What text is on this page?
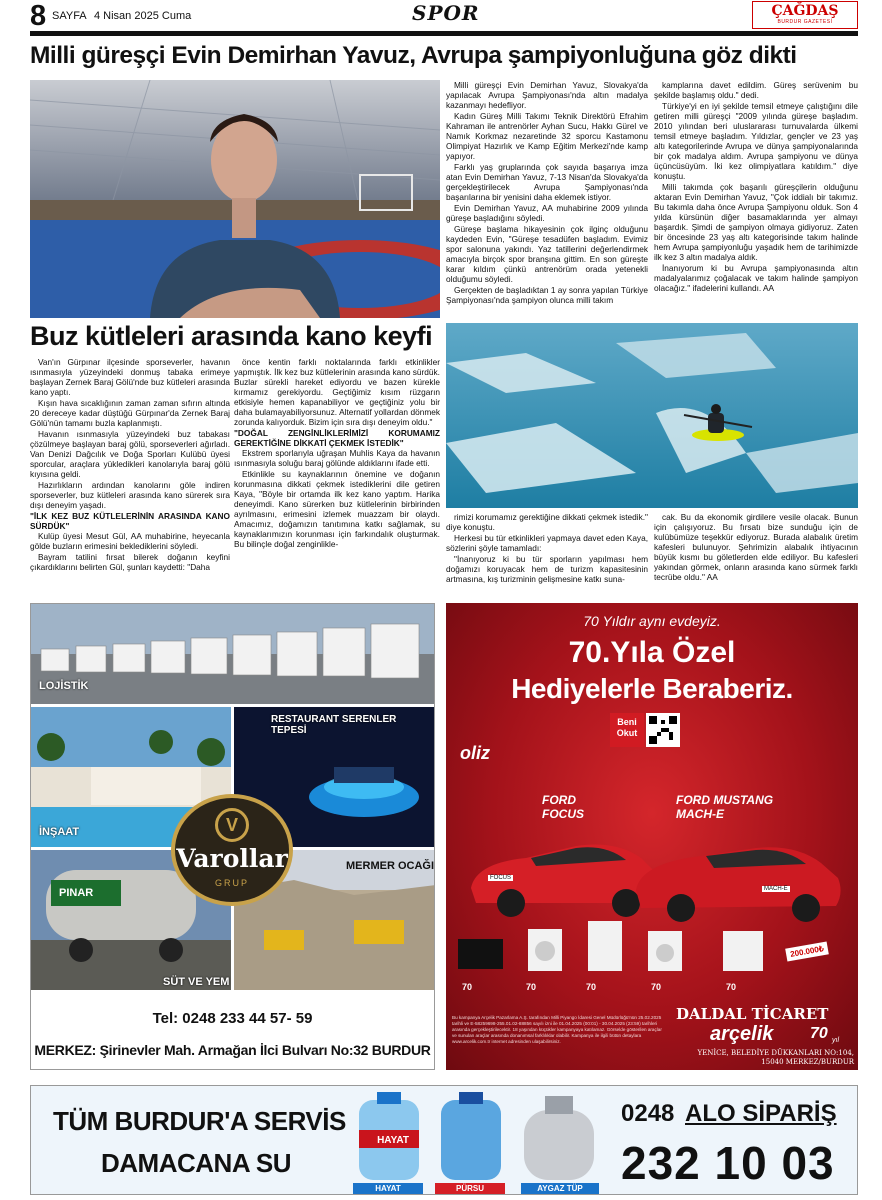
8 SAYFA 4 Nisan 2025 Cuma	SPOR	ÇAĞDAŞ
BURDUR GAZETESİ
Milli güreşçi Evin Demirhan Yavuz, Avrupa şampiyonluğuna göz dikti

Milli güreşçi Evin Demirhan Yavuz, Slovakya'da yapılacak Avrupa Şampiyonası'nda altın madalya kazanmayı hedefliyor.

Kadın Güreş Milli Takımı Teknik Direktörü Efrahim Kahraman ile antrenörler Ayhan Sucu, Hakkı Gürel ve Namık Korkmaz nezaretinde 32 sporcu Kastamonu Olimpiyat Hazırlık ve Kamp Eğitim Merkezi'nde kamp yapıyor.

Farklı yaş gruplarında çok sayıda başarıya imza atan Evin Demirhan Yavuz, 7-13 Nisan'da Slovakya'da gerçekleştirilecek Avrupa Şampiyonası'nda başarılarına bir yenisini daha eklemek istiyor.

Evin Demirhan Yavuz, AA muhabirine 2009 yılında güreşe başladığını söyledi.

Güreşe başlama hikayesinin çok ilginç olduğunu kaydeden Evin, "Güreşe tesadüfen başladım. Evimiz spor salonuna yakındı. Yaz tatillerini değerlendirmek amacıyla birçok spor branşına gittim. En son güreşte karar kıldım çünkü antrenörüm orada yetenekli olduğumu söyledi.

Gerçekten de başladıktan 1 ay sonra yapılan Türkiye Şampiyonası'nda şampiyon olunca milli takım

kamplarına davet edildim. Güreş serüvenim bu şekilde başlamış oldu." dedi.

Türkiye'yi en iyi şekilde temsil etmeye çalıştığını dile getiren milli güreşçi "2009 yılında güreşe başladım. 2010 yılından beri uluslararası turnuvalarda ülkemi temsil etmeye başladım. Yıldızlar, gençler ve 23 yaş altı kategorilerinde Avrupa ve dünya şampiyonalarında bir çok madalya aldım. Avrupa şampiyonu ve dünya üçüncüsüyüm. İki kez olimpiyatlara katıldım." diye konuştu.

Milli takımda çok başarılı güreşçilerin olduğunu aktaran Evin Demirhan Yavuz, "Çok iddialı bir takımız. Bu takımla daha önce Avrupa Şampiyonu olduk. Son 4 yılda kürsünün diğer basamaklarında yer almayı başardık. Şimdi de şampiyon olmaya gidiyoruz. Zaten bir öncesinde 23 yaş altı kategorisinde takım halinde hem Avrupa şampiyonluğu yaşadık hem de tarihimizde ilk kez 3 altın madalya aldık.

İnanıyorum ki bu Avrupa şampiyonasında altın madalyalarımız çoğalacak ve takım halinde şampiyon olacağız." ifadelerini kullandı. AA

Buz kütleleri arasında kano keyfi

Van'ın Gürpınar ilçesinde sporseverler, havanın ısınmasıyla yüzeyindeki donmuş tabaka erimeye başlayan Zernek Baraj Gölü'nde buz kütleleri arasında kano yaptı.

Kışın hava sıcaklığının zaman zaman sıfırın altında 20 dereceye kadar düştüğü Gürpınar'da Zernek Baraj Gölü'nün tamamı buzla kaplanmıştı.

Havanın ısınmasıyla yüzeyindeki buz tabakası çözülmeye başlayan baraj gölü, sporseverleri ağırladı. Van Denizi Dağcılık ve Doğa Sporları Kulübü üyesi sporcular, araçlara yükledikleri kanolarıyla baraj gölü kıyısına geldi.

Hazırlıkların ardından kanolarını göle indiren sporseverler, buz kütleleri arasında kano sürerek sıra dışı deneyim yaşadı.

"İLK KEZ BUZ KÜTLELERİNİN ARASINDA KANO SÜRDÜK"

Kulüp üyesi Mesut Gül, AA muhabirine, heyecanla gölde buzların erimesini beklediklerini söyledi.

Bayram tatilini fırsat bilerek doğanın keyfini çıkardıklarını belirten Gül, şunları kaydetti: "Daha

önce kentin farklı noktalarında farklı etkinlikler yapmıştık. İlk kez buz kütlelerinin arasında kano sürdük. Buzlar sürekli hareket ediyordu ve bazen kürekle kırmamız gerekiyordu. Geçtiğimiz kısım rüzgarın etkisiyle hemen kapanabiliyor ve geçtiğiniz yolu bir daha bulamayabiliyorsunuz. Alternatif yollardan dönmek zorunda kalıyorduk. Bizim için sıra dışı deneyim oldu."

"DOĞAL ZENGİNLİKLERİMİZİ KORUMAMIZ GEREKTİĞİNE DİKKATİ ÇEKMEK İSTEDİK"

Ekstrem sporlarıyla uğraşan Muhlis Kaya da havanın ısınmasıyla soluğu baraj gölünde aldıklarını ifade etti.

Etkinlikle su kaynaklarının önemine ve doğanın korunmasına dikkati çekmek istediklerini dile getiren Kaya, "Böyle bir ortamda ilk kez kano yaptım. Harika deneyimdi. Kano sürerken buz kütlelerinin birbirinden ayrılmasını, erimesini izlemek muazzam bir olaydı. Amacımız, doğamızın tanıtımına katkı sağlamak, su kaynaklarımızın korunması için farkındalık oluşturmak. Bu bilinçle doğal zenginlikle-

rimizi korumamız gerektiğine dikkati çekmek istedik." diye konuştu.

Herkesi bu tür etkinlikleri yapmaya davet eden Kaya, sözlerini şöyle tamamladı:

"İnanıyoruz ki bu tür sporların yapılması hem doğamızı koruyacak hem de turizm kapasitesinin artmasına, kış turizminin gelişmesine katkı suna-

cak. Bu da ekonomik girdilere vesile olacak. Bunun için çalışıyoruz. Bu fırsatı bize sunduğu için de kulübümüze teşekkür ediyoruz. Burada alabalık üretim kafesleri bulunuyor. Şehrimizin alabalık ihtiyacının büyük kısmı bu göletlerden elde ediliyor. Bu kafesleri yakından görmek, onların arasında kano sürmek farklı tecrübe oldu." AA

LOJİSTİK
İNŞAAT
RESTAURANT SERENLER TEPESİ
PINAR
SÜT VE YEM
MERMER OCAĞI
V
Varollar
GRUP
Tel: 0248 233 44 57- 59
MERKEZ: Şirinevler Mah. Armağan İlci Bulvarı No:32 BURDUR
70 Yıldır aynı evdeyiz.
70.Yıla Özel
Hediyelerle Beraberiz.
Beni Okut
oliz
FORD FOCUS
FORD MUSTANG MACH-E
FOCUS
MACH-E
70	70	70	70	70
200.000₺
DALDAL TİCARET
arçelik 70 yıl
YENİCE, BELEDİYE DÜKKANLARI NO:104, 15040 MERKEZ/BURDUR
Bu kampanya Arçelik Pazarlama A.Ş. tarafından Milli Piyango İdaresi Genel Müdürlüğü'nün 25.02.2025 tarihli ve E-58259698-255.01.02-88856 sayılı izni ile 01.04.2025 (00:01) - 30.04.2025 (23:59) tarihleri arasında gerçekleştirilecektir. 18 yaşından küçükler kampanyaya katılamaz. Görselde gösterilen araçlar ve sunulan araçlar arasında donanımsal farklılıklar olabilir. Kampanya ile ilgili bütün detaylara www.arcelik.com.tr internet adresinden ulaşabilirsiniz.
TÜM BURDUR'A SERVİS
DAMACANA SU
HAYAT
HAYAT	PÜRSU	AYGAZ TÜP
0248 ALO SİPARİŞ
232 10 03
